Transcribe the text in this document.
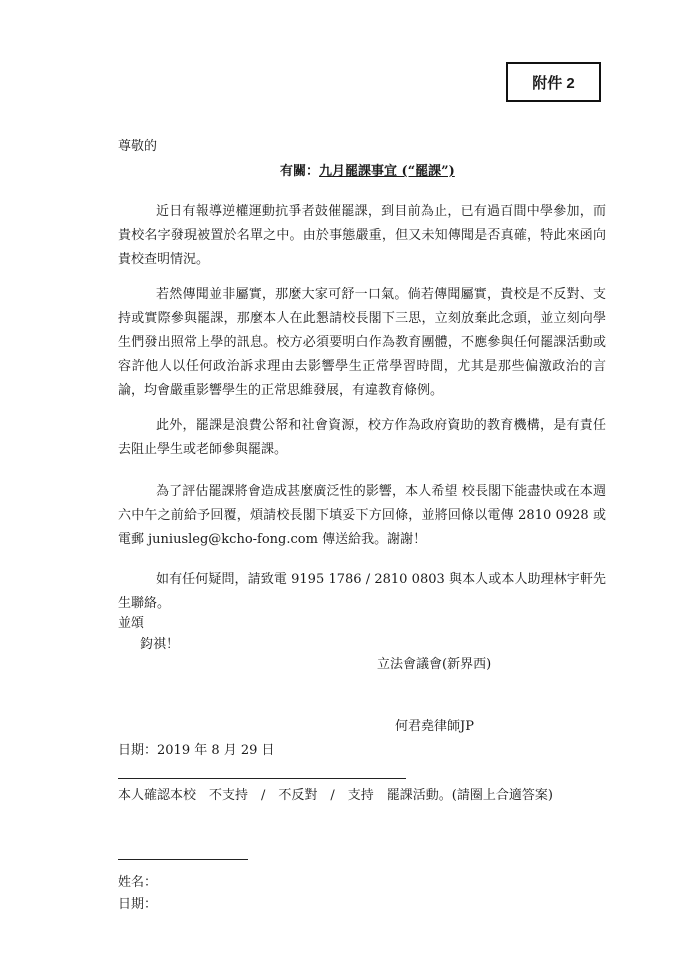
附件 2
尊敬的
有關：九月罷課事宜 (“罷課”)

近日有報導逆權運動抗爭者鼓催罷課，到目前為止，已有過百間中學參加，而貴校名字發現被置於名單之中。由於事態嚴重，但又未知傳聞是否真確，特此來函向貴校查明情況。

若然傳聞並非屬實，那麼大家可舒一口氣。倘若傳聞屬實，貴校是不反對、支持或實際參與罷課，那麼本人在此懇請校長閣下三思，立刻放棄此念頭，並立刻向學生們發出照常上學的訊息。校方必須要明白作為教育團體，不應參與任何罷課活動或容許他人以任何政治訴求理由去影響學生正常學習時間，尤其是那些偏激政治的言論，均會嚴重影響學生的正常思維發展，有違教育條例。

此外，罷課是浪費公帑和社會資源，校方作為政府資助的教育機構，是有責任去阻止學生或老師參與罷課。

為了評估罷課將會造成甚麼廣泛性的影響，本人希望 校長閣下能盡快或在本週六中午之前給予回覆，煩請校長閣下填妥下方回條，並將回條以電傳 2810 0928 或電郵 juniusleg@kcho-fong.com 傳送給我。謝謝！

如有任何疑問，請致電 9195 1786 / 2810 0803 與本人或本人助理林宇軒先生聯絡。

並頌
鈞祺！
立法會議會(新界西)
何君堯律師JP
日期：2019 年 8 月 29 日
本人確認本校　不支持　/　不反對　/　支持　罷課活動。(請圈上合適答案)
姓名：
日期：
